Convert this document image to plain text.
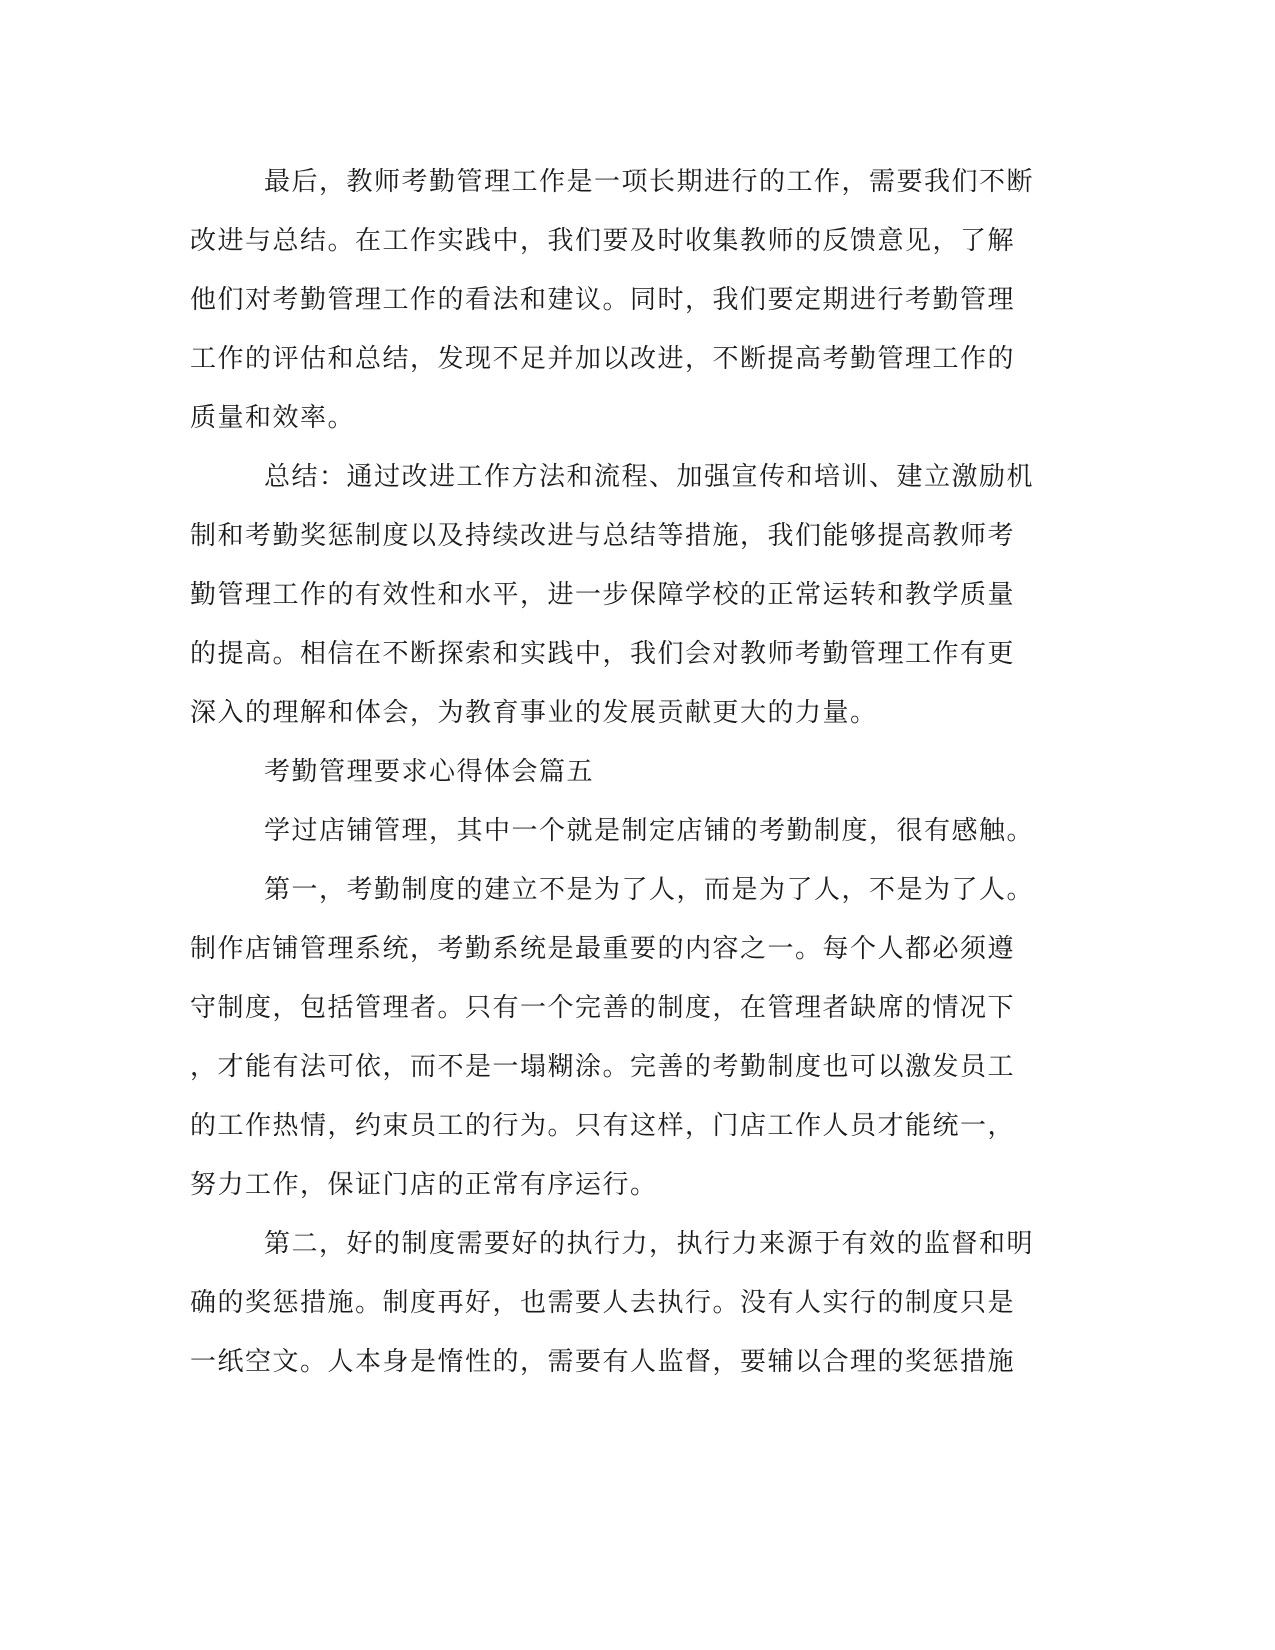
最后，教师考勤管理工作是一项长期进行的工作，需要我们不断
改进与总结。在工作实践中，我们要及时收集教师的反馈意见，了解
他们对考勤管理工作的看法和建议。同时，我们要定期进行考勤管理
工作的评估和总结，发现不足并加以改进，不断提高考勤管理工作的
质量和效率。
总结：通过改进工作方法和流程、加强宣传和培训、建立激励机
制和考勤奖惩制度以及持续改进与总结等措施，我们能够提高教师考
勤管理工作的有效性和水平，进一步保障学校的正常运转和教学质量
的提高。相信在不断探索和实践中，我们会对教师考勤管理工作有更
深入的理解和体会，为教育事业的发展贡献更大的力量。
考勤管理要求心得体会篇五
学过店铺管理，其中一个就是制定店铺的考勤制度，很有感触。
第一，考勤制度的建立不是为了人，而是为了人，不是为了人。
制作店铺管理系统，考勤系统是最重要的内容之一。每个人都必须遵
守制度，包括管理者。只有一个完善的制度，在管理者缺席的情况下
，才能有法可依，而不是一塌糊涂。完善的考勤制度也可以激发员工
的工作热情，约束员工的行为。只有这样，门店工作人员才能统一，
努力工作，保证门店的正常有序运行。
第二，好的制度需要好的执行力，执行力来源于有效的监督和明
确的奖惩措施。制度再好，也需要人去执行。没有人实行的制度只是
一纸空文。人本身是惰性的，需要有人监督，要辅以合理的奖惩措施
